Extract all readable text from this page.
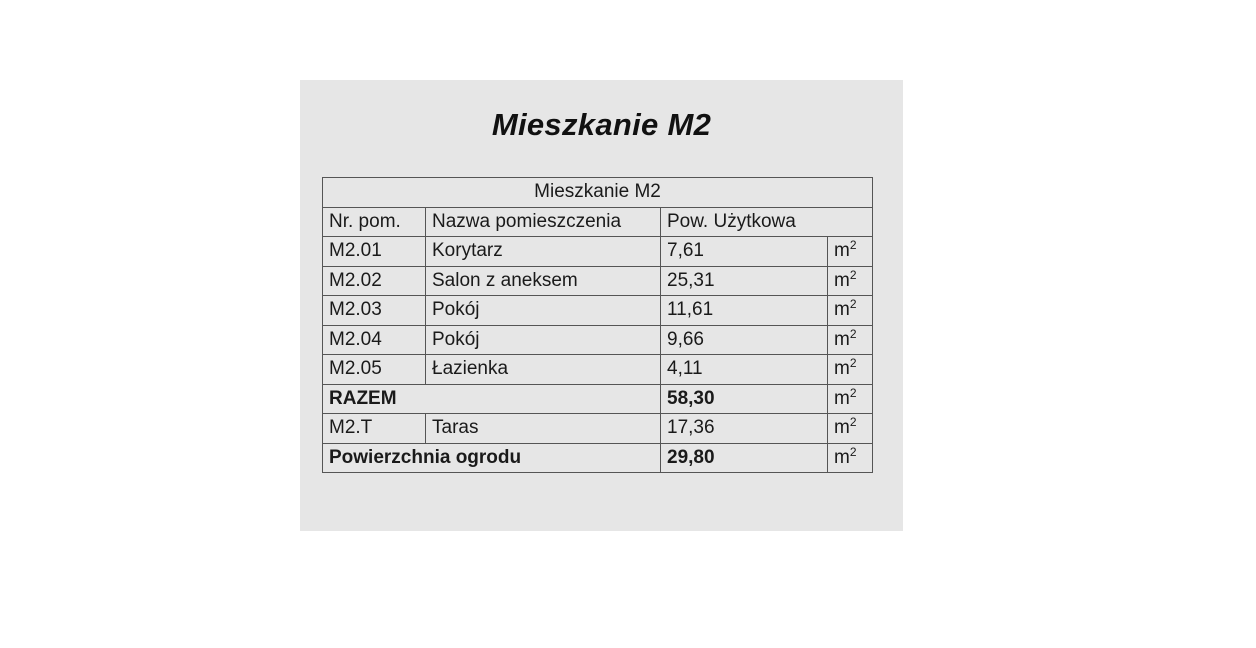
Mieszkanie M2
Mieszkanie M2			
Nr. pom.	Nazwa pomieszczenia	Pow. Użytkowa	
M2.01	Korytarz	7,61	$m^2$
M2.02	Salon z aneksem	25,31	$m^2$
M2.03	Pokój	11,61	$m^2$
M2.04	Pokój	9,66	$m^2$
M2.05	Łazienka	4,11	$m^2$
RAZEM		58,30	$m^2$
M2.T	Taras	17,36	$m^2$
Powierzchnia ogrodu		29,80	$m^2$
